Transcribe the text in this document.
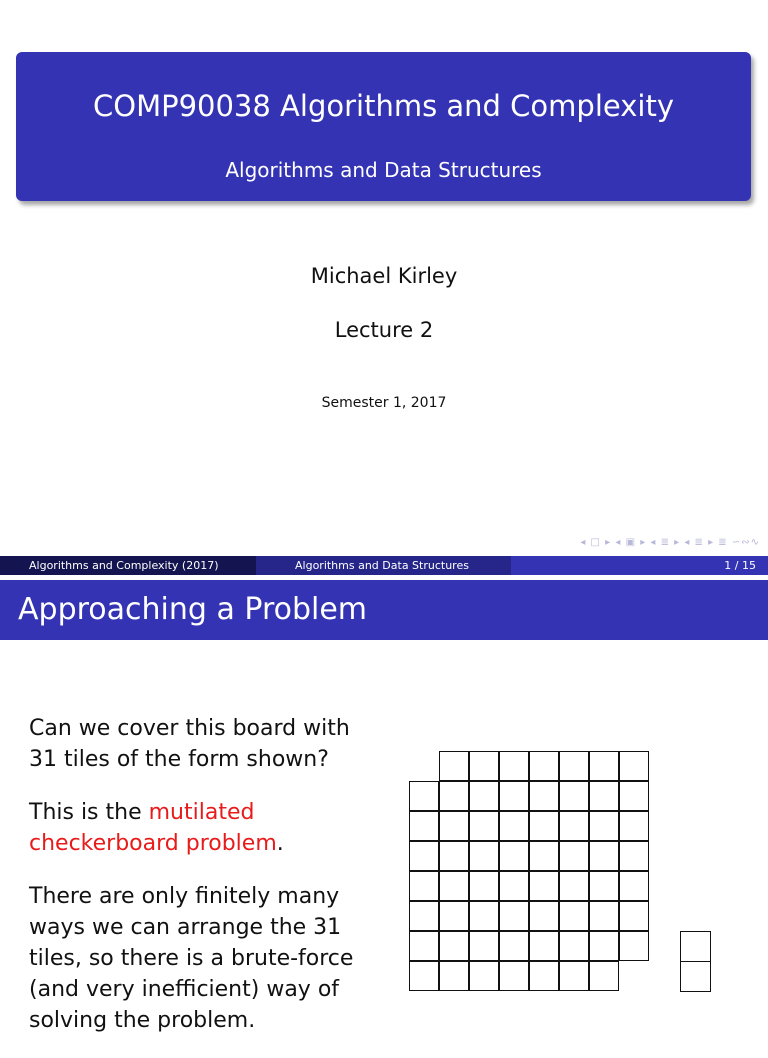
COMP90038 Algorithms and Complexity
Algorithms and Data Structures
Michael Kirley
Lecture 2
Semester 1, 2017
◂ □ ▸ ◂ ▣ ▸ ◂ ≣ ▸ ◂ ≣ ▸ ≣ ∽∾∿
Algorithms and Complexity (2017)	Algorithms and Data Structures	1 / 15
Approaching a Problem

Can we cover this board with 31 tiles of the form shown?

This is the mutilated checkerboard problem.

There are only finitely many ways we can arrange the 31 tiles, so there is a brute-force (and very inefficient) way of solving the problem.
